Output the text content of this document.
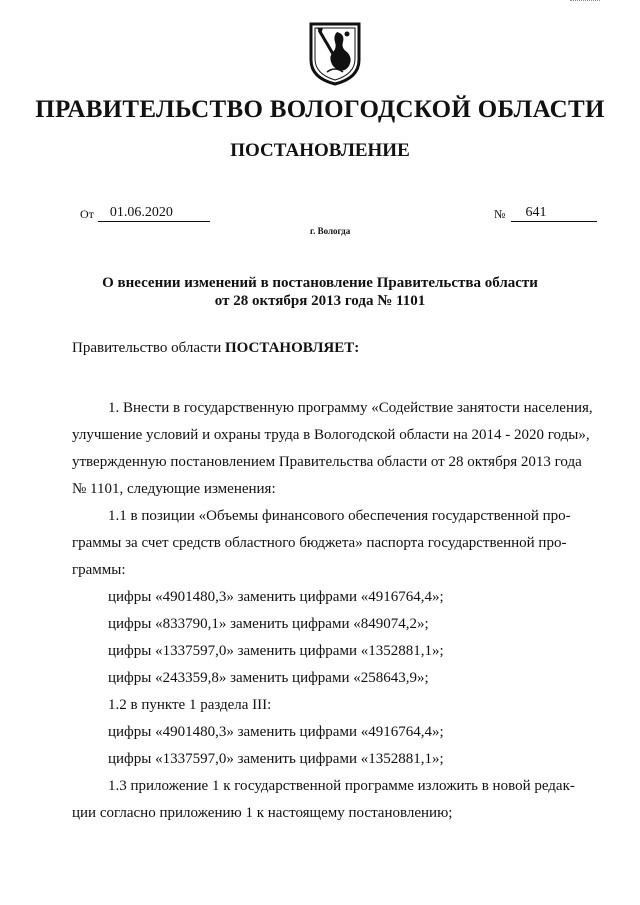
ПРАВИТЕЛЬСТВО ВОЛОГОДСКОЙ ОБЛАСТИ
ПОСТАНОВЛЕНИЕ
От	01.06.2020	№	641
г. Вологда
О внесении изменений в постановление Правительства области
от 28 октября 2013 года № 1101
Правительство области ПОСТАНОВЛЯЕТ:

1. Внести в государственную программу «Содействие занятости населения,

улучшение условий и охраны труда в Вологодской области на 2014 - 2020 годы»,

утвержденную постановлением Правительства области от 28 октября 2013 года

№ 1101, следующие изменения:

1.1 в позиции «Объемы финансового обеспечения государственной про-

граммы за счет средств областного бюджета» паспорта государственной про-

граммы:

цифры «4901480,3» заменить цифрами «4916764,4»;

цифры «833790,1» заменить цифрами «849074,2»;

цифры «1337597,0» заменить цифрами «1352881,1»;

цифры «243359,8» заменить цифрами «258643,9»;

1.2 в пункте 1 раздела III:

цифры «4901480,3» заменить цифрами «4916764,4»;

цифры «1337597,0» заменить цифрами «1352881,1»;

1.3 приложение 1 к государственной программе изложить в новой редак-

ции согласно приложению 1 к настоящему постановлению;
